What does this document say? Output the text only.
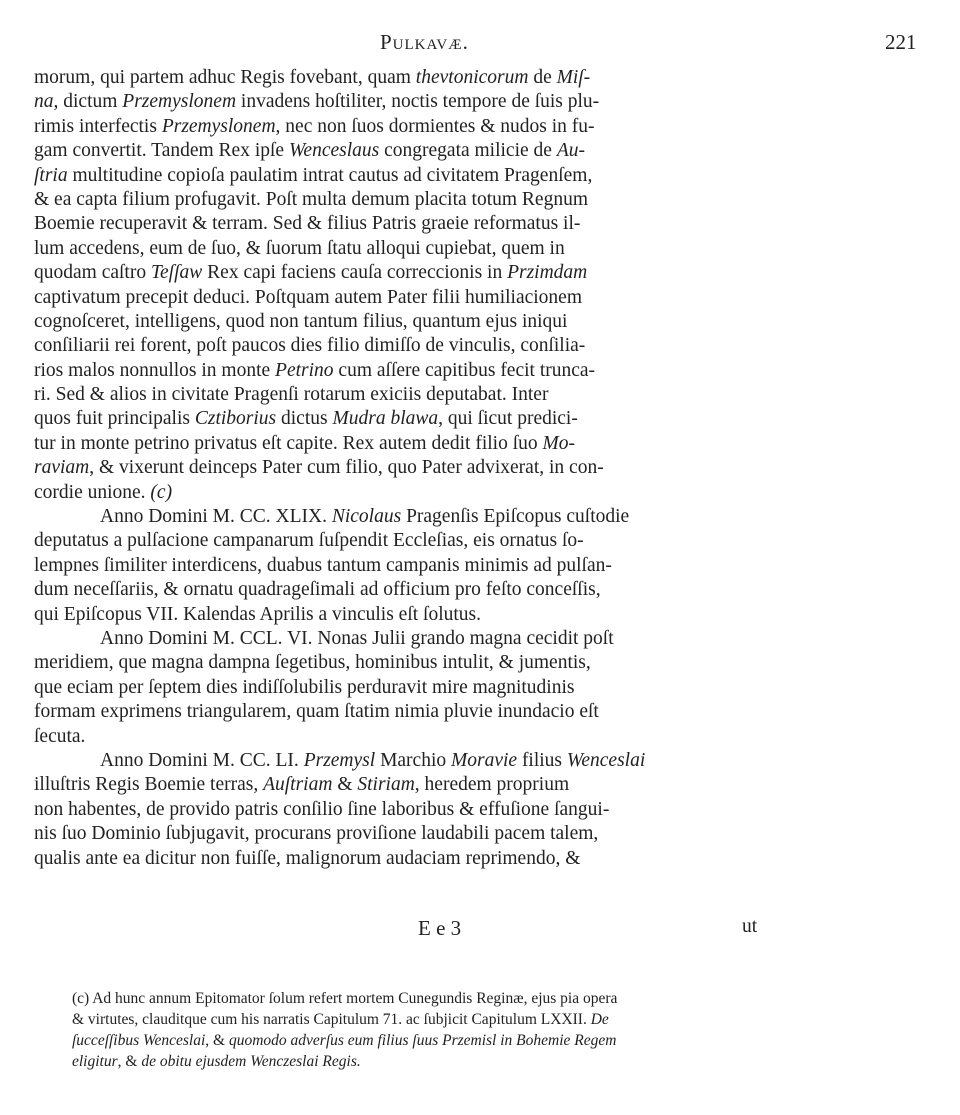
Pulkavæ.	221
morum, qui partem adhuc Regis fovebant, quam thevtonicorum de Miſ-
na, dictum Przemyslonem invadens hoſtiliter, noctis tempore de ſuis plu-
rimis interfectis Przemyslonem, nec non ſuos dormientes & nudos in fu-
gam convertit. Tandem Rex ipſe Wenceslaus congregata milicie de Au-
ſtria multitudine copioſa paulatim intrat cautus ad civitatem Pragenſem,
& ea capta filium profugavit. Poſt multa demum placita totum Regnum
Boemie recuperavit & terram. Sed & filius Patris graeie reformatus il-
lum accedens, eum de ſuo, & ſuorum ſtatu alloqui cupiebat, quem in
quodam caſtro Teſſaw Rex capi faciens cauſa correccionis in Przimdam
captivatum precepit deduci. Poſtquam autem Pater filii humiliacionem
cognoſceret, intelligens, quod non tantum filius, quantum ejus iniqui
conſiliarii rei forent, poſt paucos dies filio dimiſſo de vinculis, conſilia-
rios malos nonnullos in monte Petrino cum aſſere capitibus fecit trunca-
ri. Sed & alios in civitate Pragenſi rotarum exiciis deputabat. Inter
quos fuit principalis Cztiborius dictus Mudra blawa, qui ſicut predici-
tur in monte petrino privatus eſt capite. Rex autem dedit filio ſuo Mo-
raviam, & vixerunt deinceps Pater cum filio, quo Pater advixerat, in con-
cordie unione. (c)
Anno Domini M. CC. XLIX. Nicolaus Pragenſis Epiſcopus cuſtodie
deputatus a pulſacione campanarum ſuſpendit Eccleſias, eis ornatus ſo-
lempnes ſimiliter interdicens, duabus tantum campanis minimis ad pulſan-
dum neceſſariis, & ornatu quadrageſimali ad officium pro feſto conceſſis,
qui Epiſcopus VII. Kalendas Aprilis a vinculis eſt ſolutus.
Anno Domini M. CCL. VI. Nonas Julii grando magna cecidit poſt
meridiem, que magna dampna ſegetibus, hominibus intulit, & jumentis,
que eciam per ſeptem dies indiſſolubilis perduravit mire magnitudinis
formam exprimens triangularem, quam ſtatim nimia pluvie inundacio eſt
ſecuta.
Anno Domini M. CC. LI. Przemysl Marchio Moravie filius Wenceslai
illuſtris Regis Boemie terras, Auſtriam & Stiriam, heredem proprium
non habentes, de provido patris conſilio ſine laboribus & effuſione ſangui-
nis ſuo Dominio ſubjugavit, procurans proviſione laudabili pacem talem,
qualis ante ea dicitur non fuiſſe, malignorum audaciam reprimendo, &
E e 3	ut
(c) Ad hunc annum Epitomator ſolum refert mortem Cunegundis Reginæ, ejus pia opera
& virtutes, clauditque cum his narratis Capitulum 71. ac ſubjicit Capitulum LXXII. De
ſucceſſibus Wenceslai, & quomodo adverſus eum filius ſuus Przemisl in Bohemie Regem
eligitur, & de obitu ejusdem Wenczeslai Regis.
